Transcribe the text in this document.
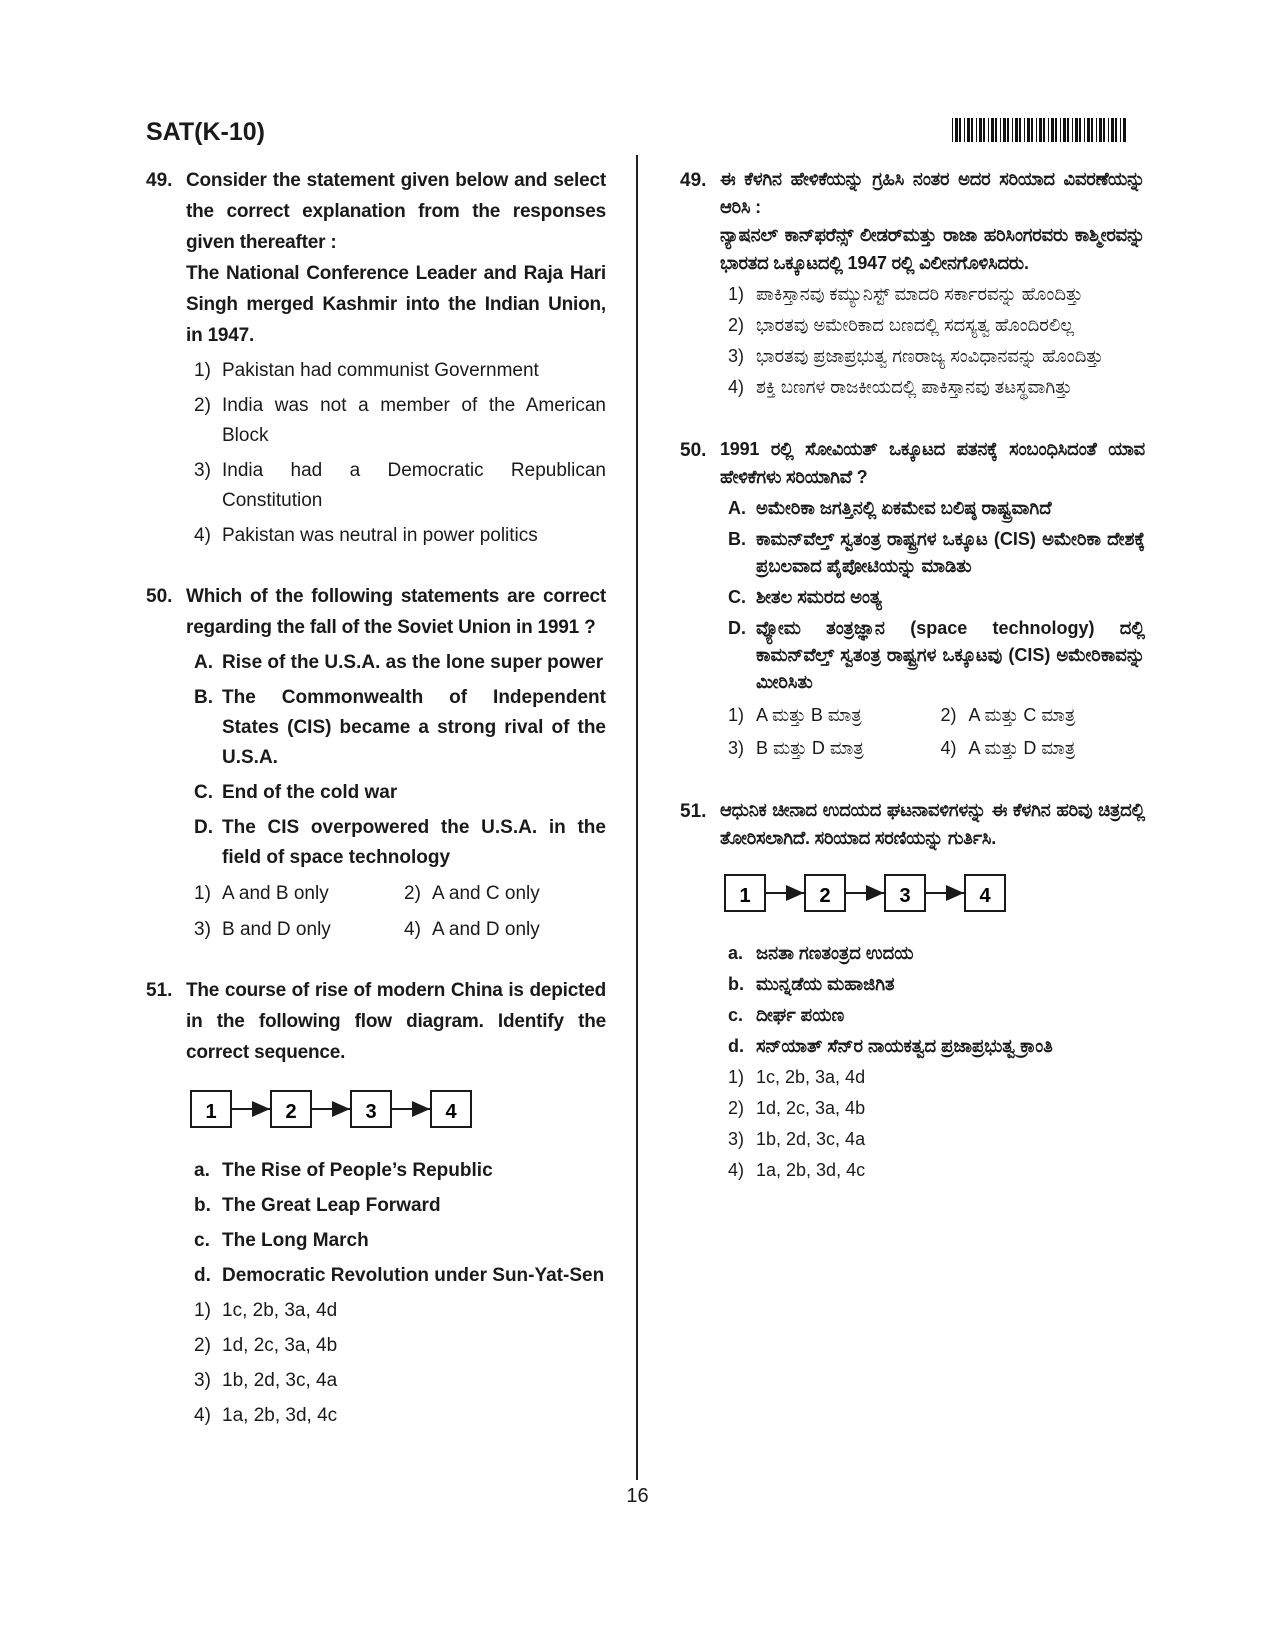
SAT(K-10)
49. Consider the statement given below and select the correct explanation from the responses given thereafter :
The National Conference Leader and Raja Hari Singh merged Kashmir into the Indian Union, in 1947.
1) Pakistan had communist Government
2) India was not a member of the American Block
3) India had a Democratic Republican Constitution
4) Pakistan was neutral in power politics
50. Which of the following statements are correct regarding the fall of the Soviet Union in 1991 ?
A. Rise of the U.S.A. as the lone super power
B. The Commonwealth of Independent States (CIS) became a strong rival of the U.S.A.
C. End of the cold war
D. The CIS overpowered the U.S.A. in the field of space technology
1) A and B only	2) A and C only
3) B and D only	4) A and D only
51. The course of rise of modern China is depicted in the following flow diagram. Identify the correct sequence.
1	2	3	4
a. The Rise of People’s Republic
b. The Great Leap Forward
c. The Long March
d. Democratic Revolution under Sun-Yat-Sen
1) 1c, 2b, 3a, 4d
2) 1d, 2c, 3a, 4b
3) 1b, 2d, 3c, 4a
4) 1a, 2b, 3d, 4c
49. ಈ ಕೆಳಗಿನ ಹೇಳಿಕೆಯನ್ನು ಗ್ರಹಿಸಿ ನಂತರ ಅದರ ಸರಿಯಾದ ವಿವರಣೆಯನ್ನು ಆರಿಸಿ :
ನ್ಯಾಷನಲ್ ಕಾನ್‌ಫರೆನ್ಸ್ ಲೀಡರ್‌ಮತ್ತು ರಾಜಾ ಹರಿಸಿಂಗರವರು ಕಾಶ್ಮೀರವನ್ನು ಭಾರತದ ಒಕ್ಕೂಟದಲ್ಲಿ 1947 ರಲ್ಲಿ ವಿಲೀನಗೊಳಿಸಿದರು.
1) ಪಾಕಿಸ್ತಾನವು ಕಮ್ಯುನಿಸ್ಟ್ ಮಾದರಿ ಸರ್ಕಾರವನ್ನು ಹೊಂದಿತ್ತು
2) ಭಾರತವು ಅಮೇರಿಕಾದ ಬಣದಲ್ಲಿ ಸದಸ್ಯತ್ವ ಹೊಂದಿರಲಿಲ್ಲ
3) ಭಾರತವು ಪ್ರಜಾಪ್ರಭುತ್ವ ಗಣರಾಜ್ಯ ಸಂವಿಧಾನವನ್ನು ಹೊಂದಿತ್ತು
4) ಶಕ್ತಿ ಬಣಗಳ ರಾಜಕೀಯದಲ್ಲಿ ಪಾಕಿಸ್ತಾನವು ತಟಸ್ಥವಾಗಿತ್ತು
50. 1991 ರಲ್ಲಿ ಸೋವಿಯತ್ ಒಕ್ಕೂಟದ ಪತನಕ್ಕೆ ಸಂಬಂಧಿಸಿದಂತೆ ಯಾವ ಹೇಳಿಕೆಗಳು ಸರಿಯಾಗಿವೆ ?
A. ಅಮೇರಿಕಾ ಜಗತ್ತಿನಲ್ಲಿ ಏಕಮೇವ ಬಲಿಷ್ಠ ರಾಷ್ಟ್ರವಾಗಿದೆ
B. ಕಾಮನ್‌ವೆಲ್ತ್ ಸ್ವತಂತ್ರ ರಾಷ್ಟ್ರಗಳ ಒಕ್ಕೂಟ (CIS) ಅಮೇರಿಕಾ ದೇಶಕ್ಕೆ ಪ್ರಬಲವಾದ ಪೈಪೋಟಿಯನ್ನು ಮಾಡಿತು
C. ಶೀತಲ ಸಮರದ ಅಂತ್ಯ
D. ವ್ಯೋಮ ತಂತ್ರಜ್ಞಾನ (space technology) ದಲ್ಲಿ ಕಾಮನ್‌ವೆಲ್ತ್ ಸ್ವತಂತ್ರ ರಾಷ್ಟ್ರಗಳ ಒಕ್ಕೂಟವು (CIS) ಅಮೇರಿಕಾವನ್ನು ಮೀರಿಸಿತು
1) A ಮತ್ತು B ಮಾತ್ರ	2) A ಮತ್ತು C ಮಾತ್ರ
3) B ಮತ್ತು D ಮಾತ್ರ	4) A ಮತ್ತು D ಮಾತ್ರ
51. ಆಧುನಿಕ ಚೀನಾದ ಉದಯದ ಘಟನಾವಳಿಗಳನ್ನು ಈ ಕೆಳಗಿನ ಹರಿವು ಚಿತ್ರದಲ್ಲಿ ತೋರಿಸಲಾಗಿದೆ. ಸರಿಯಾದ ಸರಣಿಯನ್ನು ಗುರ್ತಿಸಿ.
1	2	3	4
a. ಜನತಾ ಗಣತಂತ್ರದ ಉದಯ
b. ಮುನ್ನಡೆಯ ಮಹಾಜಿಗಿತ
c. ದೀರ್ಘ ಪಯಣ
d. ಸನ್‌ಯಾತ್ ಸೆನ್‌ರ ನಾಯಕತ್ವದ ಪ್ರಜಾಪ್ರಭುತ್ವ ಕ್ರಾಂತಿ
1) 1c, 2b, 3a, 4d
2) 1d, 2c, 3a, 4b
3) 1b, 2d, 3c, 4a
4) 1a, 2b, 3d, 4c
16
